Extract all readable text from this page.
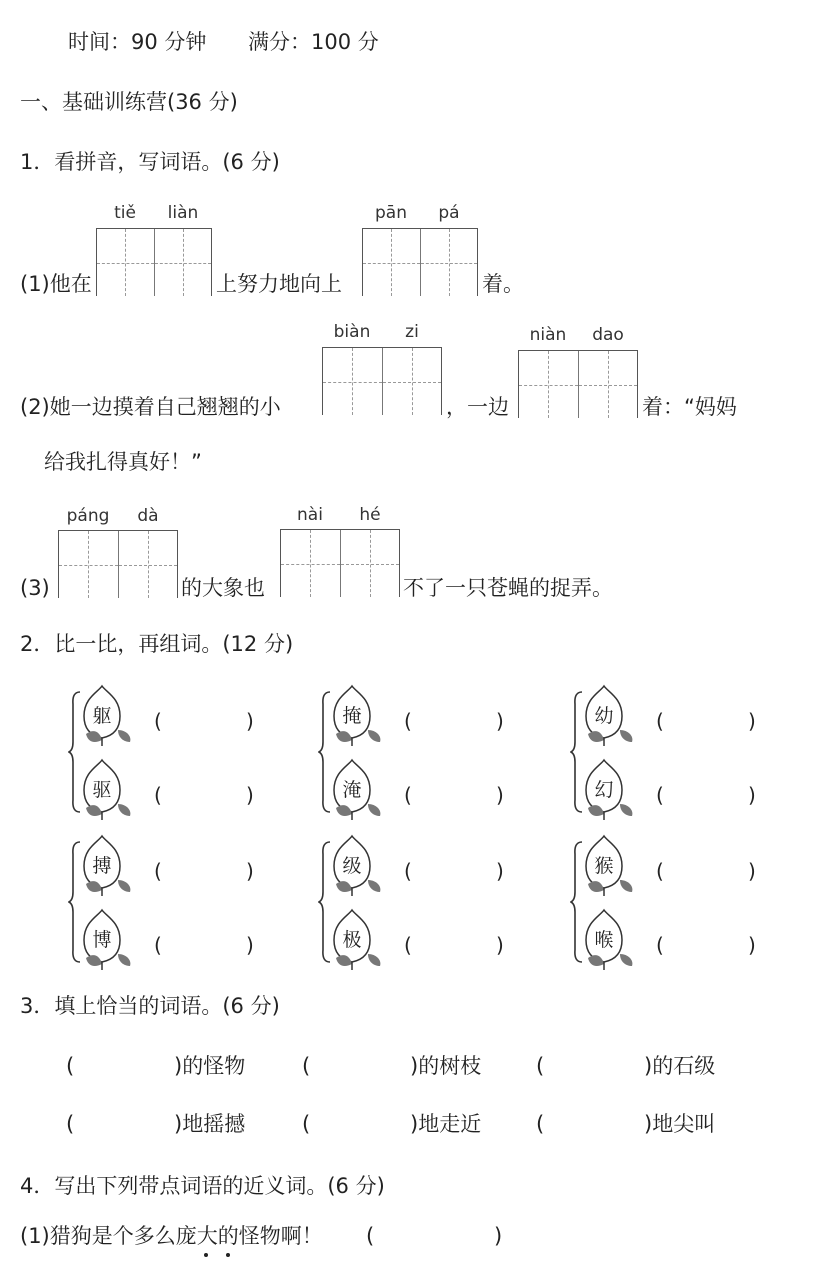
时间：90 分钟 满分：100 分
一、基础训练营(36 分)
1．看拼音，写词语。(6 分)
tiě	liàn
(1)他在	上努力地向上
pān	pá
着。
biàn	zi
(2)她一边摸着自己翘翘的小	，一边
niàn	dao
着：“妈妈
给我扎得真好！”
páng	dà
(3)	的大象也
nài	hé
不了一只苍蝇的捉弄。
2．比一比，再组词。(12 分)
躯	(	)
驱	(	)
掩	(	)
淹	(	)
幼	(	)
幻	(	)
搏	(	)
博	(	)
级	(	)
极	(	)
猴	(	)
喉	(	)
3．填上恰当的词语。(6 分)
(	)的怪物	(	)的树枝	(	)的石级
(	)地摇撼	(	)地走近	(	)地尖叫
4．写出下列带点词语的近义词。(6 分)
(1)猎狗是个多么庞大的怪物啊！ (	)
